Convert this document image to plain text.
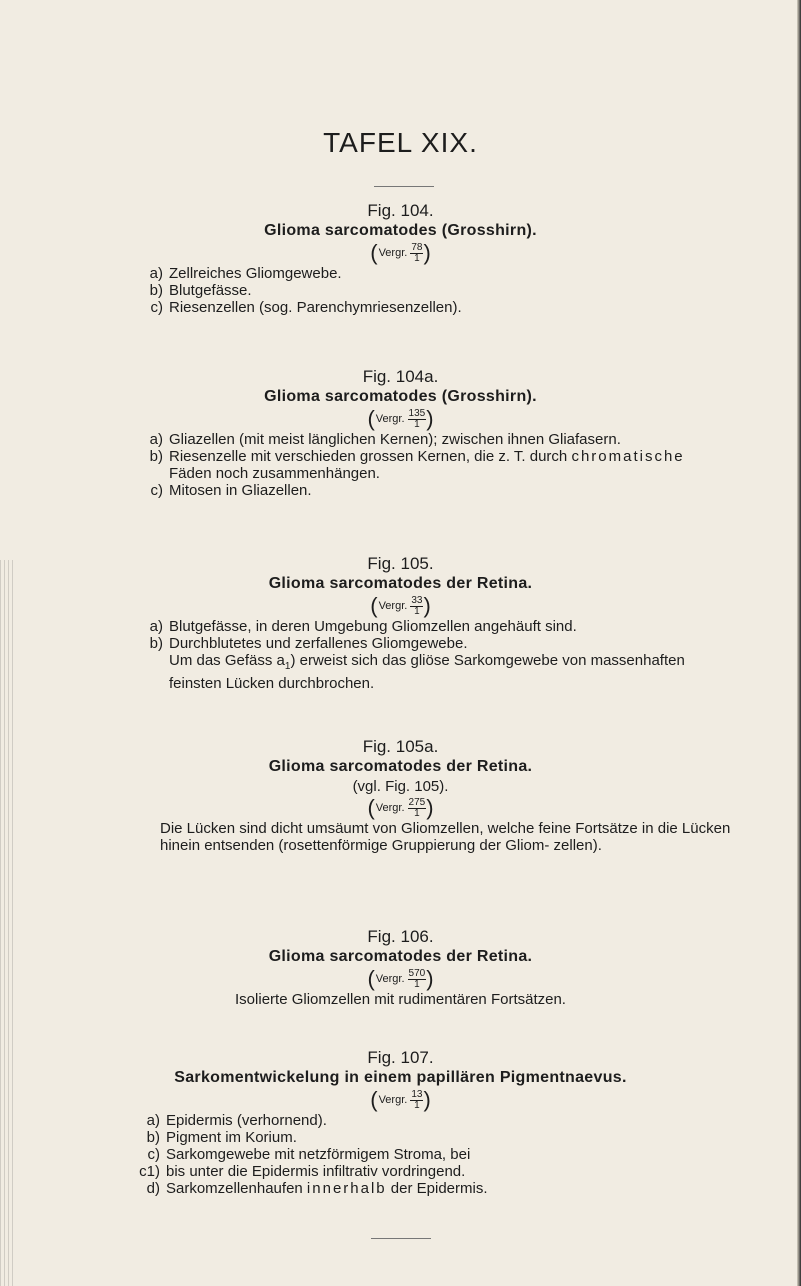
TAFEL XIX.

Fig. 104.

Glioma sarcomatodes (Grosshirn).

( Vergr. $\frac{78}{1}$ )
a) Zellreiches Gliomgewebe.
b) Blutgefässe.
c) Riesenzellen (sog. Parenchymriesenzellen).

Fig. 104a.

Glioma sarcomatodes (Grosshirn).

( Vergr. $\frac{135}{1}$ )
a) Gliazellen (mit meist länglichen Kernen); zwischen ihnen Gliafasern.
b) Riesenzelle mit verschieden grossen Kernen, die z. T. durch chromatische
Fäden noch zusammenhängen.
c) Mitosen in Gliazellen.

Fig. 105.

Glioma sarcomatodes der Retina.

( Vergr. $\frac{33}{1}$ )
a) Blutgefässe, in deren Umgebung Gliomzellen angehäuft sind.
b) Durchblutetes und zerfallenes Gliomgewebe.

Um das Gefäss $a_1$) erweist sich das gliöse Sarkomgewebe von massenhaften feinsten Lücken durchbrochen.

Fig. 105a.

Glioma sarcomatodes der Retina.

(vgl. Fig. 105).

( Vergr. $\frac{275}{1}$ )

Die Lücken sind dicht umsäumt von Gliomzellen, welche feine Fortsätze in die Lücken hinein entsenden (rosettenförmige Gruppierung der Gliom- zellen).

Fig. 106.

Glioma sarcomatodes der Retina.

( Vergr. $\frac{570}{1}$ )

Isolierte Gliomzellen mit rudimentären Fortsätzen.

Fig. 107.

Sarkomentwickelung in einem papillären Pigmentnaevus.

( Vergr. $\frac{13}{1}$ )
a) Epidermis (verhornend).
b) Pigment im Korium.
c) Sarkomgewebe mit netzförmigem Stroma, bei
c1) bis unter die Epidermis infiltrativ vordringend.
d) Sarkomzellenhaufen innerhalb der Epidermis.
